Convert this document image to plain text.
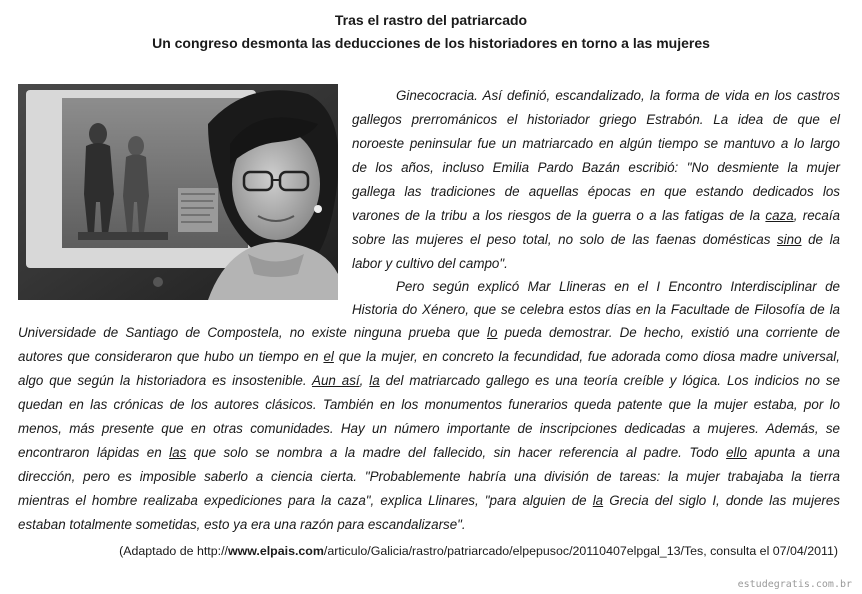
Tras el rastro del patriarcado
Un congreso desmonta las deducciones de los historiadores en torno a las mujeres
Ginecocracia. Así definió, escandalizado, la forma de vida en los castros
gallegos prerrománicos el historiador griego Estrabón. La idea de que el
noroeste peninsular fue un matriarcado en algún tiempo se mantuvo a lo largo
de los años, incluso Emilia Pardo Bazán escribió: "No desmiente la mujer
gallega las tradiciones de aquellas épocas en que estando dedicados los
varones de la tribu a los riesgos de la guerra o a las fatigas de la caza, recaía
sobre las mujeres el peso total, no solo de las faenas domésticas sino de la
labor y cultivo del campo".
Pero según explicó Mar Llineras en el I Encontro Interdisciplinar de
Historia do Xénero, que se celebra estos días en la Facultade de Filosofía de la
Universidade de Santiago de Compostela, no existe ninguna prueba que lo pueda demostrar. De hecho, existió una corriente de
autores que consideraron que hubo un tiempo en el que la mujer, en concreto la fecundidad, fue adorada como diosa madre universal,
algo que según la historiadora es insostenible. Aun así, la del matriarcado gallego es una teoría creíble y lógica. Los indicios no se
quedan en las crónicas de los autores clásicos. También en los monumentos funerarios queda patente que la mujer estaba, por lo
menos, más presente que en otras comunidades. Hay un número importante de inscripciones dedicadas a mujeres. Además, se
encontraron lápidas en las que solo se nombra a la madre del fallecido, sin hacer referencia al padre. Todo ello apunta a una
dirección, pero es imposible saberlo a ciencia cierta. "Probablemente habría una división de tareas: la mujer trabajaba la tierra
mientras el hombre realizaba expediciones para la caza", explica Llinares, "para alguien de la Grecia del siglo I, donde las mujeres
estaban totalmente sometidas, esto ya era una razón para escandalizarse".
(Adaptado de http://www.elpais.com/articulo/Galicia/rastro/patriarcado/elpepusoc/20110407elpgal_13/Tes, consulta el 07/04/2011)
estudegratis.com.br
